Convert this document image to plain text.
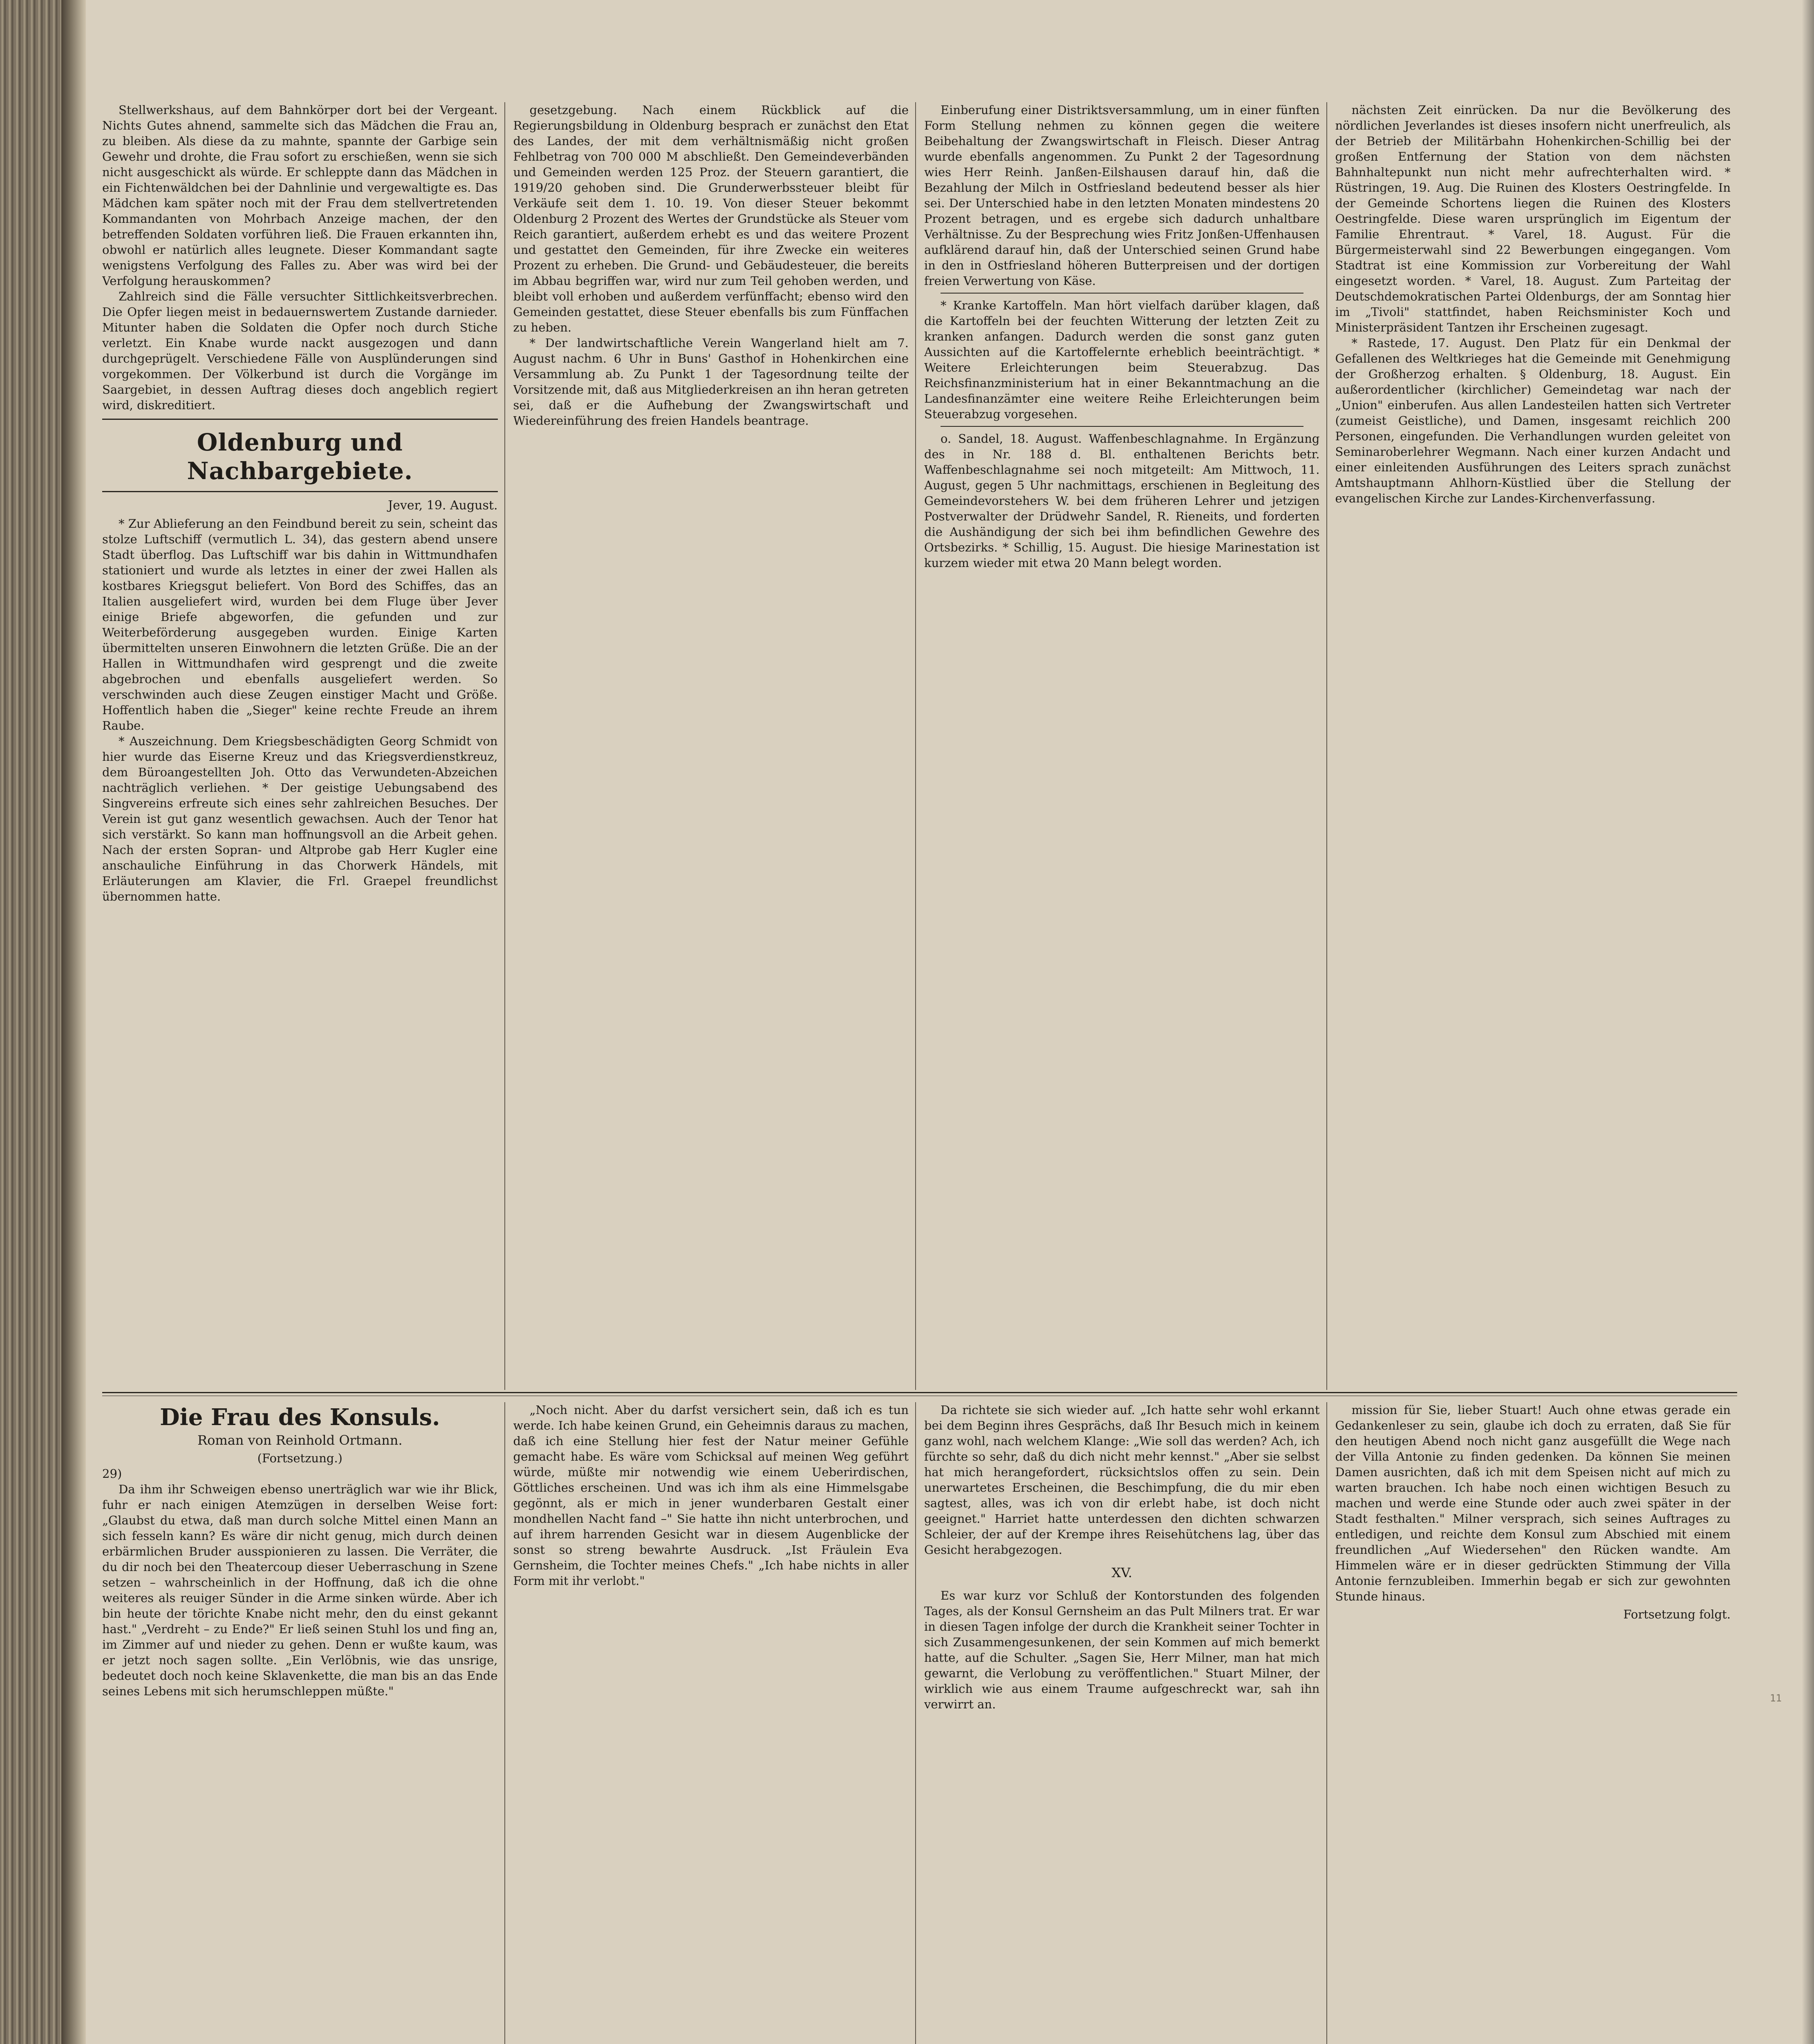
Stellwerkshaus, auf dem Bahnkörper dort bei der Vergeant. Nichts Gutes ahnend, sammelte sich das Mädchen die Frau an, zu bleiben. Als diese da zu mahnte, spannte der Garbige sein Gewehr und drohte, die Frau sofort zu erschießen, wenn sie sich nicht ausgeschickt als würde. Er schleppte dann das Mädchen in ein Fichtenwäldchen bei der Dahnlinie und vergewaltigte es. Das Mädchen kam später noch mit der Frau dem stellvertretenden Kommandanten von Mohrbach Anzeige machen, der den betreffenden Soldaten vorführen ließ. Die Frauen erkannten ihn, obwohl er natürlich alles leugnete. Dieser Kommandant sagte wenigstens Verfolgung des Falles zu. Aber was wird bei der Verfolgung herauskommen?

Zahlreich sind die Fälle versuchter Sittlichkeitsverbrechen. Die Opfer liegen meist in bedauernswertem Zustande darnieder. Mitunter haben die Soldaten die Opfer noch durch Stiche verletzt. Ein Knabe wurde nackt ausgezogen und dann durchgeprügelt. Verschiedene Fälle von Ausplünderungen sind vorgekommen. Der Völkerbund ist durch die Vorgänge im Saargebiet, in dessen Auftrag dieses doch angeblich regiert wird, diskreditiert.

Oldenburg und Nachbargebiete.
Jever, 19. August.

* Zur Ablieferung an den Feindbund bereit zu sein, scheint das stolze Luftschiff (vermutlich L. 34), das gestern abend unsere Stadt überflog. Das Luftschiff war bis dahin in Wittmundhafen stationiert und wurde als letztes in einer der zwei Hallen als kostbares Kriegsgut beliefert. Von Bord des Schiffes, das an Italien ausgeliefert wird, wurden bei dem Fluge über Jever einige Briefe abgeworfen, die gefunden und zur Weiterbeförderung ausgegeben wurden. Einige Karten übermittelten unseren Einwohnern die letzten Grüße. Die an der Hallen in Wittmundhafen wird gesprengt und die zweite abgebrochen und ebenfalls ausgeliefert werden. So verschwinden auch diese Zeugen einstiger Macht und Größe. Hoffentlich haben die „Sieger" keine rechte Freude an ihrem Raube.

* Auszeichnung. Dem Kriegsbeschädigten Georg Schmidt von hier wurde das Eiserne Kreuz und das Kriegsverdienstkreuz, dem Büroangestellten Joh. Otto das Verwundeten-Abzeichen nachträglich verliehen. * Der geistige Uebungsabend des Singvereins erfreute sich eines sehr zahlreichen Besuches. Der Verein ist gut ganz wesentlich gewachsen. Auch der Tenor hat sich verstärkt. So kann man hoffnungsvoll an die Arbeit gehen. Nach der ersten Sopran- und Altprobe gab Herr Kugler eine anschauliche Einführung in das Chorwerk Händels, mit Erläuterungen am Klavier, die Frl. Graepel freundlichst übernommen hatte.

gesetzgebung. Nach einem Rückblick auf die Regierungsbildung in Oldenburg besprach er zunächst den Etat des Landes, der mit dem verhältnismäßig nicht großen Fehlbetrag von 700 000 M abschließt. Den Gemeindeverbänden und Gemeinden werden 125 Proz. der Steuern garantiert, die 1919/20 gehoben sind. Die Grunderwerbssteuer bleibt für Verkäufe seit dem 1. 10. 19. Von dieser Steuer bekommt Oldenburg 2 Prozent des Wertes der Grundstücke als Steuer vom Reich garantiert, außerdem erhebt es und das weitere Prozent und gestattet den Gemeinden, für ihre Zwecke ein weiteres Prozent zu erheben. Die Grund- und Gebäudesteuer, die bereits im Abbau begriffen war, wird nur zum Teil gehoben werden, und bleibt voll erhoben und außerdem verfünffacht; ebenso wird den Gemeinden gestattet, diese Steuer ebenfalls bis zum Fünffachen zu heben.

* Der landwirtschaftliche Verein Wangerland hielt am 7. August nachm. 6 Uhr in Buns' Gasthof in Hohenkirchen eine Versammlung ab. Zu Punkt 1 der Tagesordnung teilte der Vorsitzende mit, daß aus Mitgliederkreisen an ihn heran getreten sei, daß er die Aufhebung der Zwangswirtschaft und Wiedereinführung des freien Handels beantrage.

Einberufung einer Distriktsversammlung, um in einer fünften Form Stellung nehmen zu können gegen die weitere Beibehaltung der Zwangswirtschaft in Fleisch. Dieser Antrag wurde ebenfalls angenommen. Zu Punkt 2 der Tagesordnung wies Herr Reinh. Janßen-Eilshausen darauf hin, daß die Bezahlung der Milch in Ostfriesland bedeutend besser als hier sei. Der Unterschied habe in den letzten Monaten mindestens 20 Prozent betragen, und es ergebe sich dadurch unhaltbare Verhältnisse. Zu der Besprechung wies Fritz Jonßen-Uffenhausen aufklärend darauf hin, daß der Unterschied seinen Grund habe in den in Ostfriesland höheren Butterpreisen und der dortigen freien Verwertung von Käse.

* Kranke Kartoffeln. Man hört vielfach darüber klagen, daß die Kartoffeln bei der feuchten Witterung der letzten Zeit zu kranken anfangen. Dadurch werden die sonst ganz guten Aussichten auf die Kartoffelernte erheblich beeinträchtigt. * Weitere Erleichterungen beim Steuerabzug. Das Reichsfinanzministerium hat in einer Bekanntmachung an die Landesfinanzämter eine weitere Reihe Erleichterungen beim Steuerabzug vorgesehen.

o. Sandel, 18. August. Waffenbeschlagnahme. In Ergänzung des in Nr. 188 d. Bl. enthaltenen Berichts betr. Waffenbeschlagnahme sei noch mitgeteilt: Am Mittwoch, 11. August, gegen 5 Uhr nachmittags, erschienen in Begleitung des Gemeindevorstehers W. bei dem früheren Lehrer und jetzigen Postverwalter der Drüdwehr Sandel, R. Rieneits, und forderten die Aushändigung der sich bei ihm befindlichen Gewehre des Ortsbezirks. * Schillig, 15. August. Die hiesige Marinestation ist kurzem wieder mit etwa 20 Mann belegt worden.

nächsten Zeit einrücken. Da nur die Bevölkerung des nördlichen Jeverlandes ist dieses insofern nicht unerfreulich, als der Betrieb der Militärbahn Hohenkirchen-Schillig bei der großen Entfernung der Station von dem nächsten Bahnhaltepunkt nun nicht mehr aufrechterhalten wird. * Rüstringen, 19. Aug. Die Ruinen des Klosters Oestringfelde. In der Gemeinde Schortens liegen die Ruinen des Klosters Oestringfelde. Diese waren ursprünglich im Eigentum der Familie Ehrentraut. * Varel, 18. August. Für die Bürgermeisterwahl sind 22 Bewerbungen eingegangen. Vom Stadtrat ist eine Kommission zur Vorbereitung der Wahl eingesetzt worden. * Varel, 18. August. Zum Parteitag der Deutschdemokratischen Partei Oldenburgs, der am Sonntag hier im „Tivoli" stattfindet, haben Reichsminister Koch und Ministerpräsident Tantzen ihr Erscheinen zugesagt.

* Rastede, 17. August. Den Platz für ein Denkmal der Gefallenen des Weltkrieges hat die Gemeinde mit Genehmigung der Großherzog erhalten. § Oldenburg, 18. August. Ein außerordentlicher (kirchlicher) Gemeindetag war nach der „Union" einberufen. Aus allen Landesteilen hatten sich Vertreter (zumeist Geistliche), und Damen, insgesamt reichlich 200 Personen, eingefunden. Die Verhandlungen wurden geleitet von Seminaroberlehrer Wegmann. Nach einer kurzen Andacht und einer einleitenden Ausführungen des Leiters sprach zunächst Amtshauptmann Ahlhorn-Küstlied über die Stellung der evangelischen Kirche zur Landes-Kirchenverfassung.

Die Frau des Konsuls.
Roman von Reinhold Ortmann.
(Fortsetzung.)
29)

Da ihm ihr Schweigen ebenso unerträglich war wie ihr Blick, fuhr er nach einigen Atemzügen in derselben Weise fort: „Glaubst du etwa, daß man durch solche Mittel einen Mann an sich fesseln kann? Es wäre dir nicht genug, mich durch deinen erbärmlichen Bruder ausspionieren zu lassen. Die Verräter, die du dir noch bei den Theatercoup dieser Ueberraschung in Szene setzen – wahrscheinlich in der Hoffnung, daß ich die ohne weiteres als reuiger Sünder in die Arme sinken würde. Aber ich bin heute der törichte Knabe nicht mehr, den du einst gekannt hast." „Verdreht – zu Ende?" Er ließ seinen Stuhl los und fing an, im Zimmer auf und nieder zu gehen. Denn er wußte kaum, was er jetzt noch sagen sollte. „Ein Verlöbnis, wie das unsrige, bedeutet doch noch keine Sklavenkette, die man bis an das Ende seines Lebens mit sich herumschleppen müßte."

„Noch nicht. Aber du darfst versichert sein, daß ich es tun werde. Ich habe keinen Grund, ein Geheimnis daraus zu machen, daß ich eine Stellung hier fest der Natur meiner Gefühle gemacht habe. Es wäre vom Schicksal auf meinen Weg geführt würde, müßte mir notwendig wie einem Ueberirdischen, Göttliches erscheinen. Und was ich ihm als eine Himmelsgabe gegönnt, als er mich in jener wunderbaren Gestalt einer mondhellen Nacht fand –" Sie hatte ihn nicht unterbrochen, und auf ihrem harrenden Gesicht war in diesem Augenblicke der sonst so streng bewahrte Ausdruck. „Ist Fräulein Eva Gernsheim, die Tochter meines Chefs." „Ich habe nichts in aller Form mit ihr verlobt."

Da richtete sie sich wieder auf. „Ich hatte sehr wohl erkannt bei dem Beginn ihres Gesprächs, daß Ihr Besuch mich in keinem ganz wohl, nach welchem Klange: „Wie soll das werden? Ach, ich fürchte so sehr, daß du dich nicht mehr kennst." „Aber sie selbst hat mich herangefordert, rücksichtslos offen zu sein. Dein unerwartetes Erscheinen, die Beschimpfung, die du mir eben sagtest, alles, was ich von dir erlebt habe, ist doch nicht geeignet." Harriet hatte unterdessen den dichten schwarzen Schleier, der auf der Krempe ihres Reisehütchens lag, über das Gesicht herabgezogen.

XV.

Es war kurz vor Schluß der Kontorstunden des folgenden Tages, als der Konsul Gernsheim an das Pult Milners trat. Er war in diesen Tagen infolge der durch die Krankheit seiner Tochter in sich Zusammengesunkenen, der sein Kommen auf mich bemerkt hatte, auf die Schulter. „Sagen Sie, Herr Milner, man hat mich gewarnt, die Verlobung zu veröffentlichen." Stuart Milner, der wirklich wie aus einem Traume aufgeschreckt war, sah ihn verwirrt an.

mission für Sie, lieber Stuart! Auch ohne etwas gerade ein Gedankenleser zu sein, glaube ich doch zu erraten, daß Sie für den heutigen Abend noch nicht ganz ausgefüllt die Wege nach der Villa Antonie zu finden gedenken. Da können Sie meinen Damen ausrichten, daß ich mit dem Speisen nicht auf mich zu warten brauchen. Ich habe noch einen wichtigen Besuch zu machen und werde eine Stunde oder auch zwei später in der Stadt festhalten." Milner versprach, sich seines Auftrages zu entledigen, und reichte dem Konsul zum Abschied mit einem freundlichen „Auf Wiedersehen" den Rücken wandte. Am Himmelen wäre er in dieser gedrückten Stimmung der Villa Antonie fernzubleiben. Immerhin begab er sich zur gewohnten Stunde hinaus.

Fortsetzung folgt.
11
